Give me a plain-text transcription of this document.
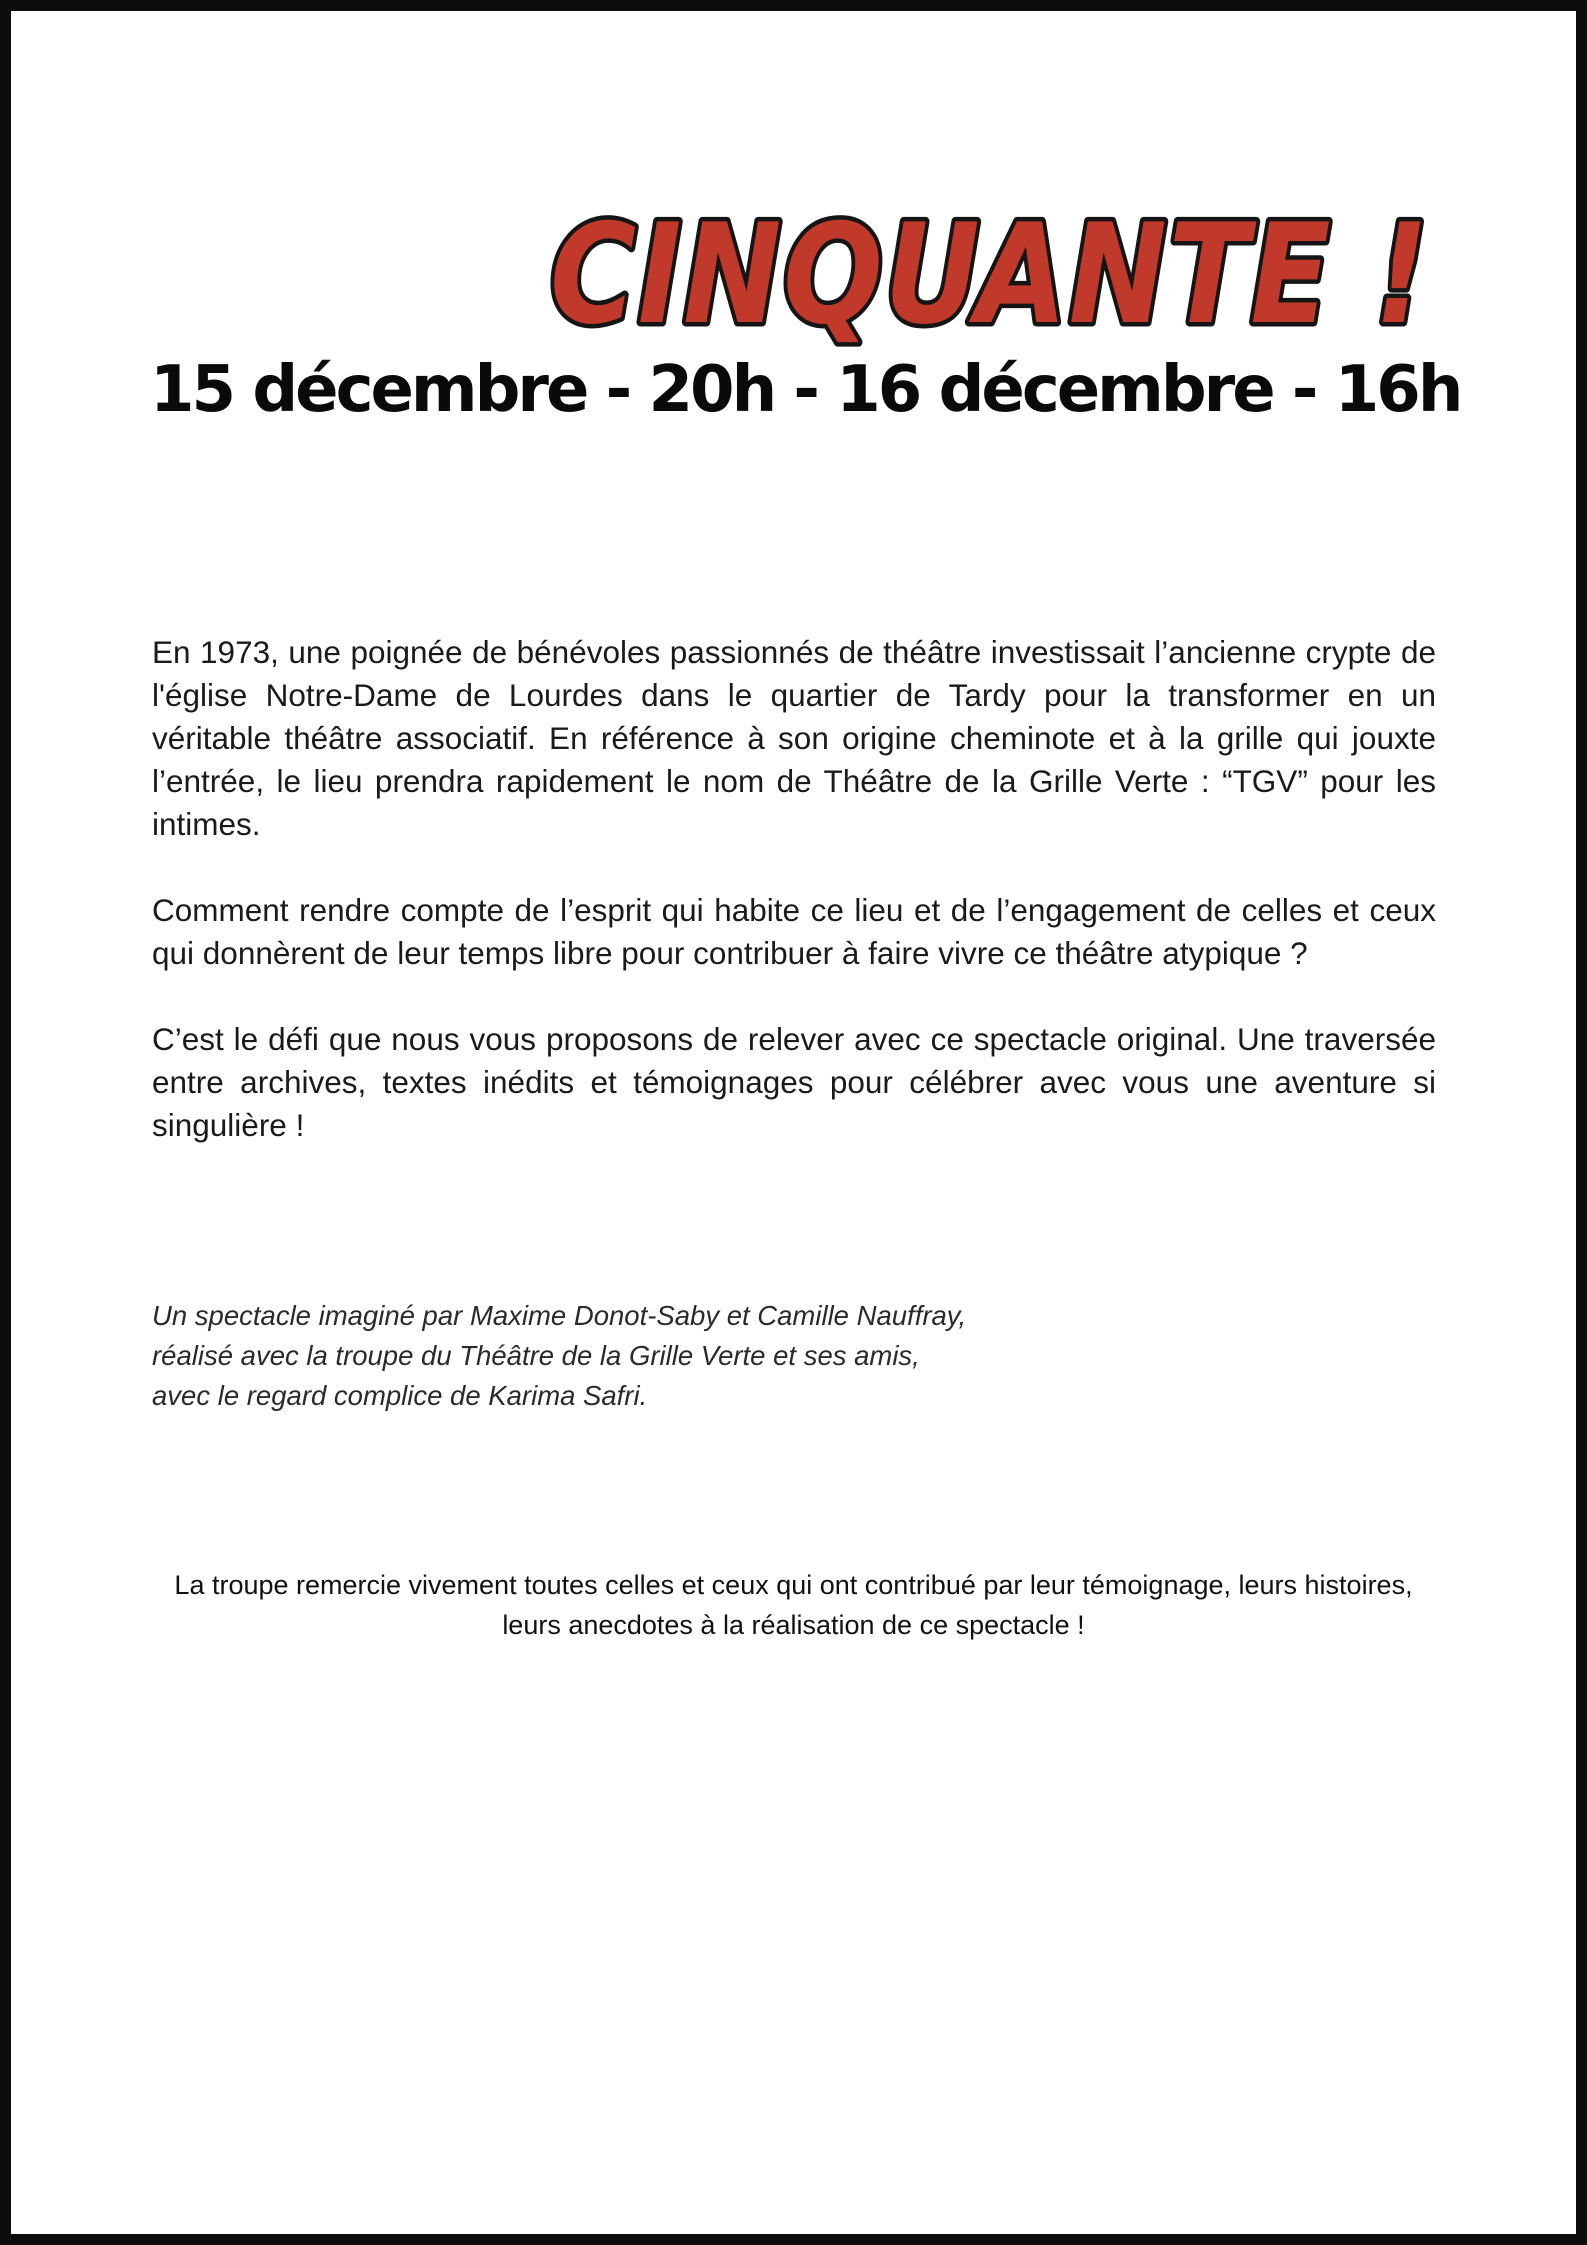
CINQUANTE !
15 décembre - 20h - 16 décembre - 16h

En 1973, une poignée de bénévoles passionnés de théâtre investissait l’ancienne crypte de l'église Notre-Dame de Lourdes dans le quartier de Tardy pour la transformer en un véritable théâtre associatif. En référence à son origine cheminote et à la grille qui jouxte l’entrée, le lieu prendra rapidement le nom de Théâtre de la Grille Verte : “TGV” pour les intimes.

Comment rendre compte de l’esprit qui habite ce lieu et de l’engagement de celles et ceux qui donnèrent de leur temps libre pour contribuer à faire vivre ce théâtre atypique ?

C’est le défi que nous vous proposons de relever avec ce spectacle original. Une traversée entre archives, textes inédits et témoignages pour célébrer avec vous une aventure si singulière !

Un spectacle imaginé par Maxime Donot-Saby et Camille Nauffray,
réalisé avec la troupe du Théâtre de la Grille Verte et ses amis,
avec le regard complice de Karima Safri.
La troupe remercie vivement toutes celles et ceux qui ont contribué par leur témoignage, leurs histoires, leurs anecdotes à la réalisation de ce spectacle !
